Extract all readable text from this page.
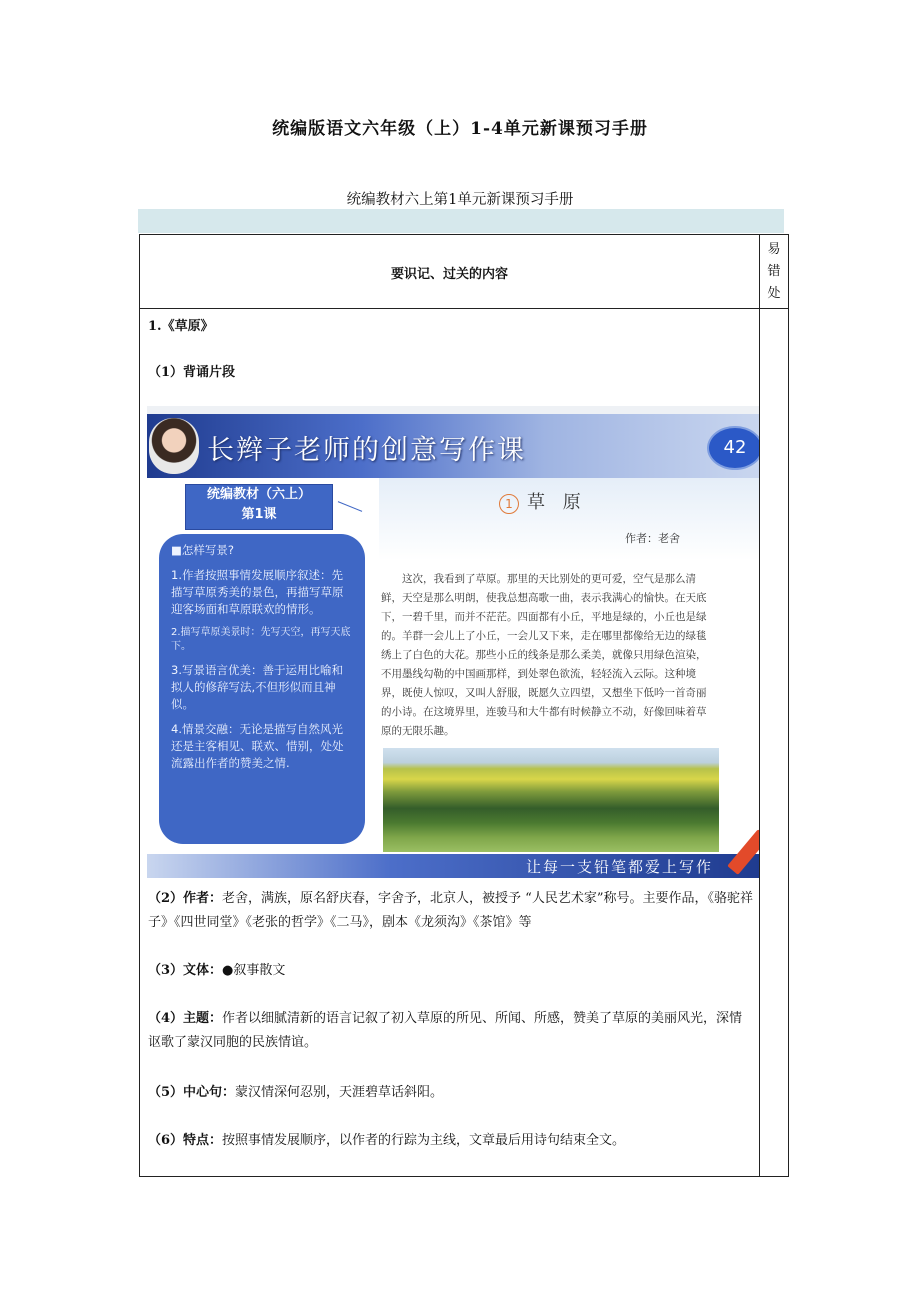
统编版语文六年级（上）1-4单元新课预习手册
统编教材六上第1单元新课预习手册
要识记、过关的内容
易
错
处
1.《草原》
（1）背诵片段
（2）作者：老舍，满族，原名舒庆春，字舍予，北京人，被授予 “人民艺术家”称号。主要作品，《骆驼祥子》《四世同堂》《老张的哲学》《二马》，剧本《龙须沟》《茶馆》等
（3）文体：●叙事散文
（4）主题：作者以细腻清新的语言记叙了初入草原的所见、所闻、所感，赞美了草原的美丽风光，深情讴歌了蒙汉同胞的民族情谊。
（5）中心句：蒙汉情深何忍别，天涯碧草话斜阳。
（6）特点：按照事情发展顺序，以作者的行踪为主线，文章最后用诗句结束全文。
长辫子老师的创意写作课	42
统编教材（六上）
第1课

■怎样写景?

1.作者按照事情发展顺序叙述：先描写草原秀美的景色，再描写草原迎客场面和草原联欢的情形。

2.描写草原美景时：先写天空，再写天底下。

3.写景语言优美：善于运用比喻和拟人的修辞写法,不但形似而且神似。

4.情景交融：无论是描写自然风光还是主客相见、联欢、惜别，处处流露出作者的赞美之情.

1 草 原
作者：老舍
这次，我看到了草原。那里的天比别处的更可爱，空气是那么清鲜，天空是那么明朗，使我总想高歌一曲，表示我满心的愉快。在天底下，一碧千里，而并不茫茫。四面都有小丘，平地是绿的，小丘也是绿的。羊群一会儿上了小丘，一会儿又下来，走在哪里都像给无边的绿毯绣上了白色的大花。那些小丘的线条是那么柔美，就像只用绿色渲染，不用墨线勾勒的中国画那样，到处翠色欲流，轻轻流入云际。这种境界，既使人惊叹，又叫人舒服，既愿久立四望，又想坐下低吟一首奇丽的小诗。在这境界里，连骏马和大牛都有时候静立不动，好像回味着草原的无限乐趣。
让每一支铅笔都爱上写作
